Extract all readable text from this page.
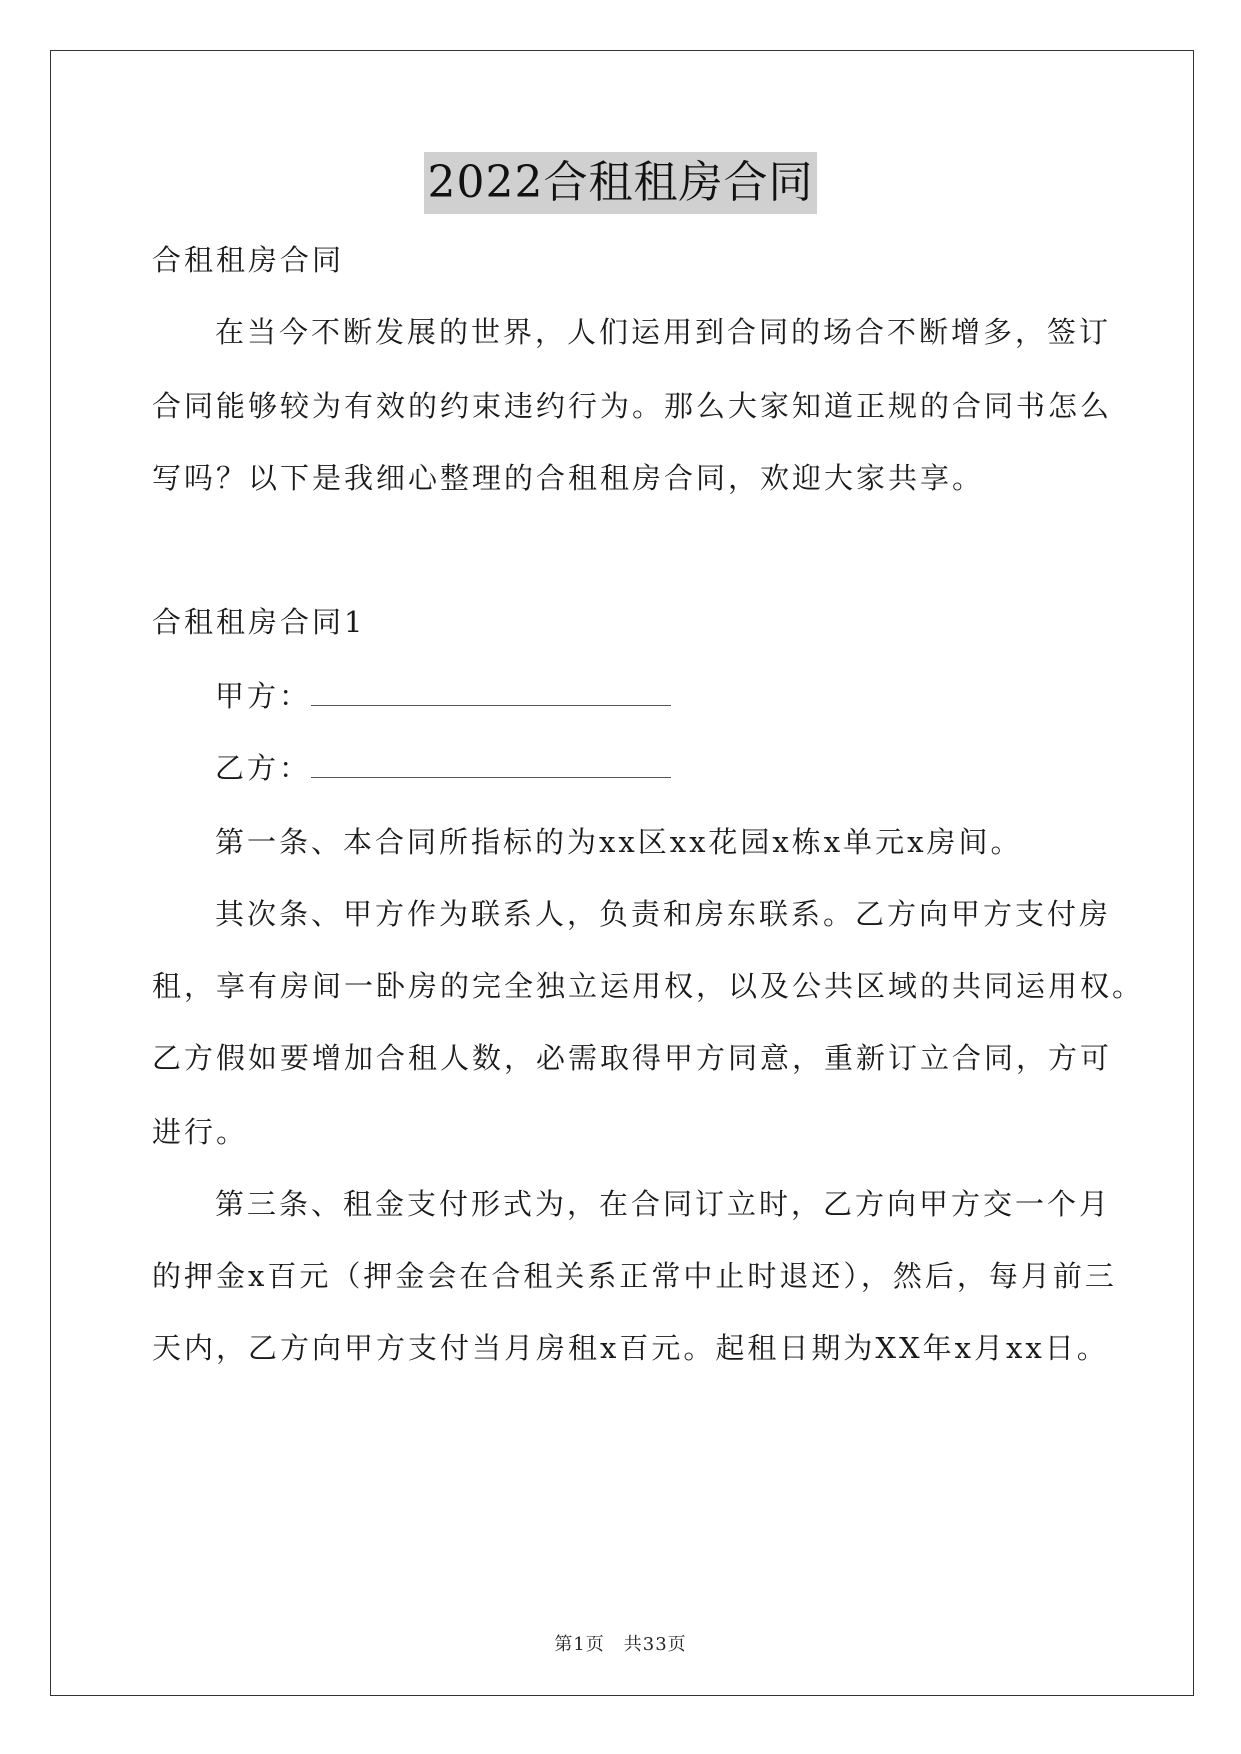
2022合租租房合同
合租租房合同
在当今不断发展的世界，人们运用到合同的场合不断增多，签订
合同能够较为有效的约束违约行为。那么大家知道正规的合同书怎么
写吗？以下是我细心整理的合租租房合同，欢迎大家共享。
合租租房合同1
甲方：
乙方：
第一条、本合同所指标的为xx区xx花园x栋x单元x房间。
其次条、甲方作为联系人，负责和房东联系。乙方向甲方支付房
租，享有房间一卧房的完全独立运用权，以及公共区域的共同运用权。
乙方假如要增加合租人数，必需取得甲方同意，重新订立合同，方可
进行。
第三条、租金支付形式为，在合同订立时，乙方向甲方交一个月
的押金x百元（押金会在合租关系正常中止时退还），然后，每月前三
天内，乙方向甲方支付当月房租x百元。起租日期为XX年x月xx日。
第1页　共33页
